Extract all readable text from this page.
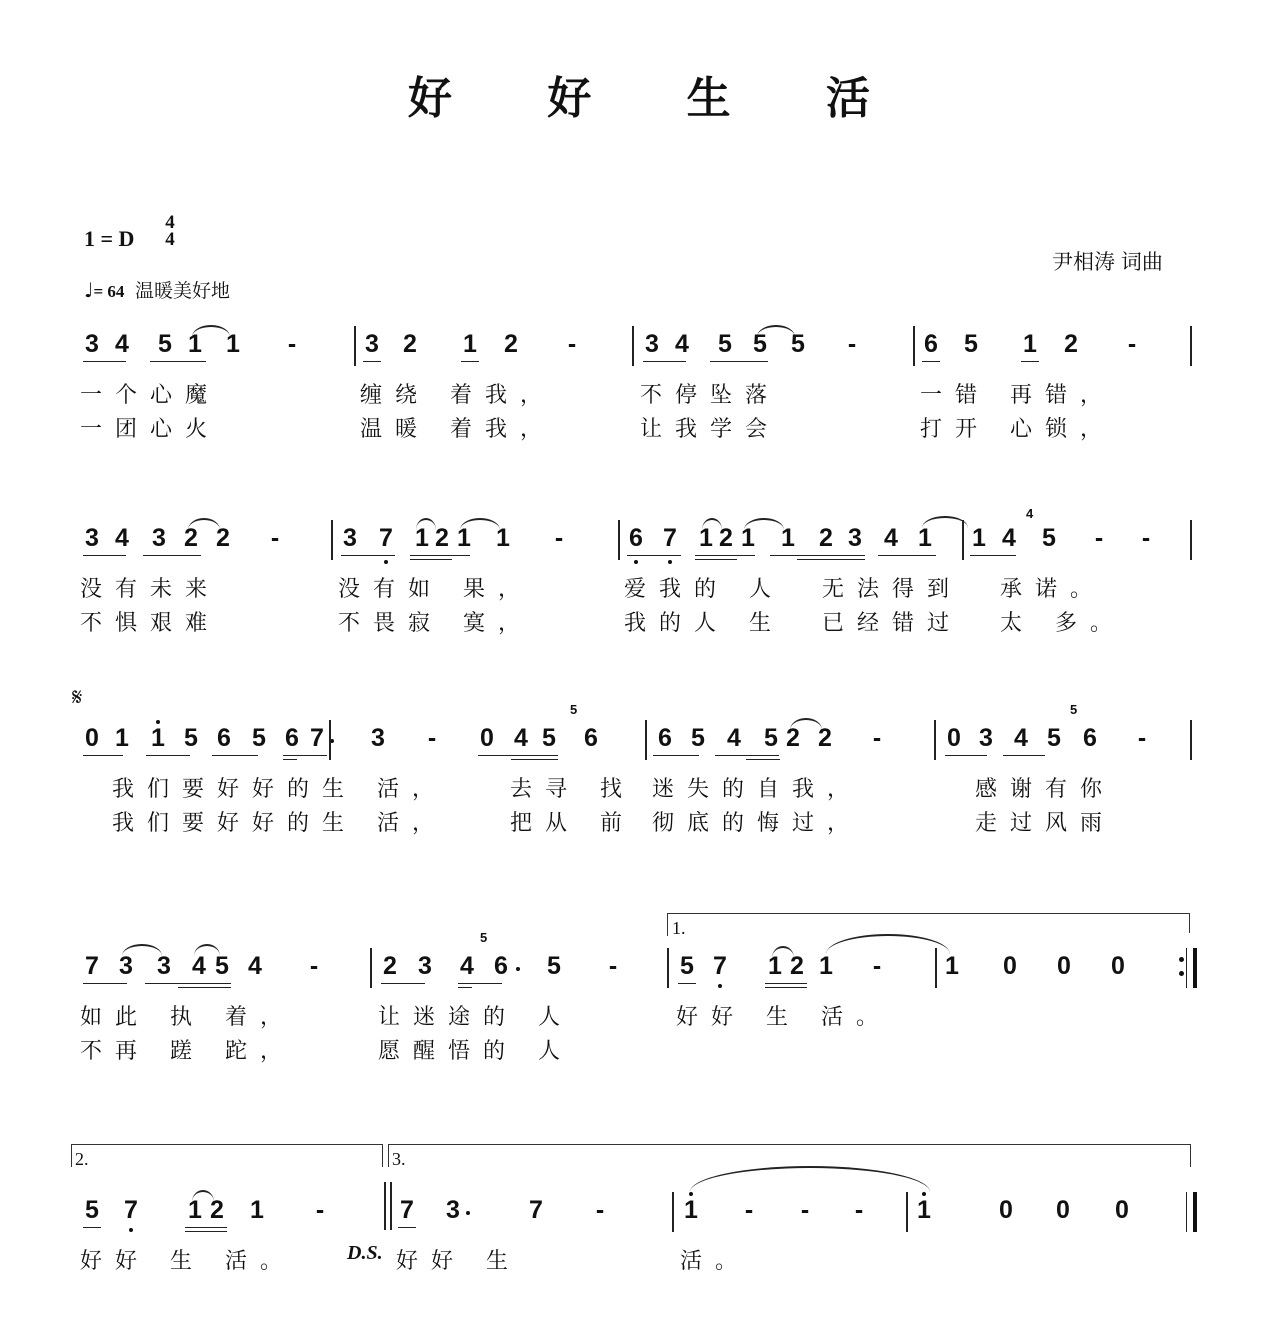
好 好 生 活
1 = D
4
4
♩= 64 温暖美好地
尹相涛 词曲
3 4 5 1 1 -	3 2 1 2 -	3 4 5 5 5 -	6 5 1 2 -
一个心魔	缠绕 着我，	不停坠落	一错 再错，
一团心火	温暖 着我，	让我学会	打开 心锁，
3 4 3 2 2 -	3 7 1 2 1 1 -	6 7 1 2 1 1 2 3 4 1 1 4
4
5 - -
没有未来	没有如 果，	爱我的 人 无法得到 承诺。
不惧艰难	不畏寂 寞，	我的人 生 已经错过 太 多。
𝄋
0 1 1 5 6 5 6 7 3 - 0 4 5
5
6 6 5 4 5 2 2 -	0 3 4 5
5
6 -
我们要好好的生 活，	去寻 找 迷失的自我，	感谢有你
我们要好好的生 活，	把从 前 彻底的悔过，	走过风雨
1.
7 3 3 4 5 4 -	2 3 4
5
6 5 -	5 7 1 2 1 -	1 0 0 0
如此 执 着，	让迷途的 人	好好 生 活。
不再 蹉 跎，	愿醒悟的 人
2.	3.
5 7 1 2 1 -	7 3	7 -	1 - - - 1	0 0 0
好好 生 活。	D.S. 好好 生	活。
